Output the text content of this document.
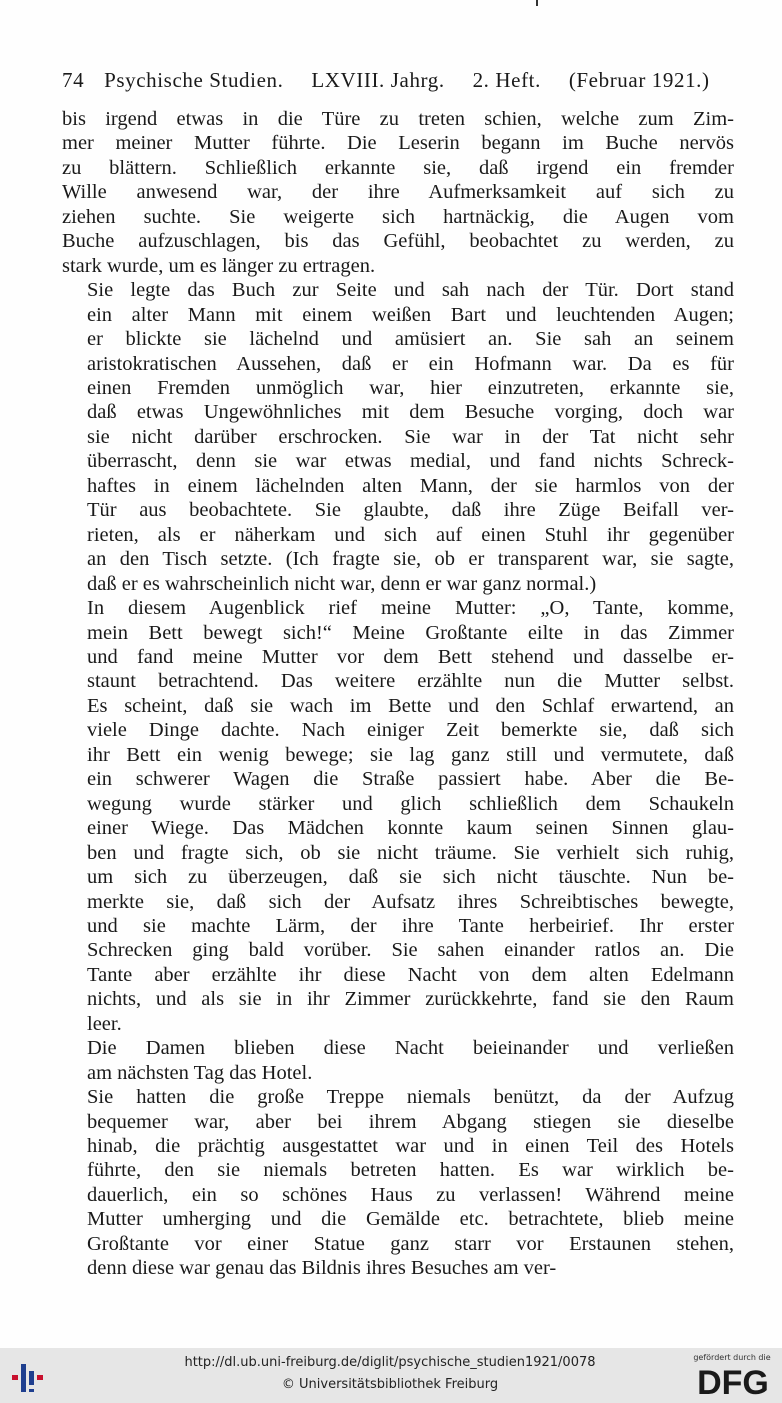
74 Psychische Studien. LXVIII. Jahrg. 2. Heft. (Februar 1921.)

bis irgend etwas in die Türe zu treten schien, welche zum Zim-
mer meiner Mutter führte. Die Leserin begann im Buche nervös
zu blättern. Schließlich erkannte sie, daß irgend ein fremder
Wille anwesend war, der ihre Aufmerksamkeit auf sich zu
ziehen suchte. Sie weigerte sich hartnäckig, die Augen vom
Buche aufzuschlagen, bis das Gefühl, beobachtet zu werden, zu
stark wurde, um es länger zu ertragen.

Sie legte das Buch zur Seite und sah nach der Tür. Dort stand
ein alter Mann mit einem weißen Bart und leuchtenden Augen;
er blickte sie lächelnd und amüsiert an. Sie sah an seinem
aristokratischen Aussehen, daß er ein Hofmann war. Da es für
einen Fremden unmöglich war, hier einzutreten, erkannte sie,
daß etwas Ungewöhnliches mit dem Besuche vorging, doch war
sie nicht darüber erschrocken. Sie war in der Tat nicht sehr
überrascht, denn sie war etwas medial, und fand nichts Schreck-
haftes in einem lächelnden alten Mann, der sie harmlos von der
Tür aus beobachtete. Sie glaubte, daß ihre Züge Beifall ver-
rieten, als er näherkam und sich auf einen Stuhl ihr gegenüber
an den Tisch setzte. (Ich fragte sie, ob er transparent war, sie sagte,
daß er es wahrscheinlich nicht war, denn er war ganz normal.)

In diesem Augenblick rief meine Mutter: „O, Tante, komme,
mein Bett bewegt sich!“ Meine Großtante eilte in das Zimmer
und fand meine Mutter vor dem Bett stehend und dasselbe er-
staunt betrachtend. Das weitere erzählte nun die Mutter selbst.
Es scheint, daß sie wach im Bette und den Schlaf erwartend, an
viele Dinge dachte. Nach einiger Zeit bemerkte sie, daß sich
ihr Bett ein wenig bewege; sie lag ganz still und vermutete, daß
ein schwerer Wagen die Straße passiert habe. Aber die Be-
wegung wurde stärker und glich schließlich dem Schaukeln
einer Wiege. Das Mädchen konnte kaum seinen Sinnen glau-
ben und fragte sich, ob sie nicht träume. Sie verhielt sich ruhig,
um sich zu überzeugen, daß sie sich nicht täuschte. Nun be-
merkte sie, daß sich der Aufsatz ihres Schreibtisches bewegte,
und sie machte Lärm, der ihre Tante herbeirief. Ihr erster
Schrecken ging bald vorüber. Sie sahen einander ratlos an. Die
Tante aber erzählte ihr diese Nacht von dem alten Edelmann
nichts, und als sie in ihr Zimmer zurückkehrte, fand sie den Raum
leer.

Die Damen blieben diese Nacht beieinander und verließen
am nächsten Tag das Hotel.

Sie hatten die große Treppe niemals benützt, da der Aufzug
bequemer war, aber bei ihrem Abgang stiegen sie dieselbe
hinab, die prächtig ausgestattet war und in einen Teil des Hotels
führte, den sie niemals betreten hatten. Es war wirklich be-
dauerlich, ein so schönes Haus zu verlassen! Während meine
Mutter umherging und die Gemälde etc. betrachtete, blieb meine
Großtante vor einer Statue ganz starr vor Erstaunen stehen,
denn diese war genau das Bildnis ihres Besuches am ver-

http://dl.ub.uni-freiburg.de/diglit/psychische_studien1921/0078
© Universitätsbibliothek Freiburg
gefördert durch die
DFG
